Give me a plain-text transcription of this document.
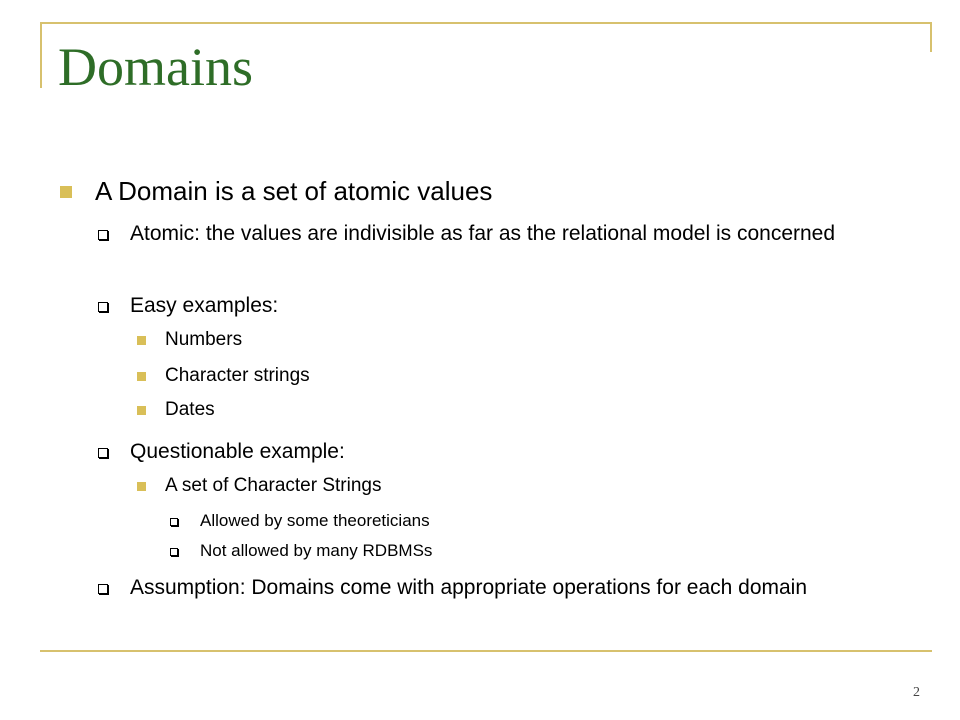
Domains
A Domain is a set of atomic values
Atomic: the values are indivisible as far as the relational model is concerned
Easy examples:
Numbers
Character strings
Dates
Questionable example:
A set of Character Strings
Allowed by some theoreticians
Not allowed by many RDBMSs
Assumption: Domains come with appropriate operations for each domain
2
